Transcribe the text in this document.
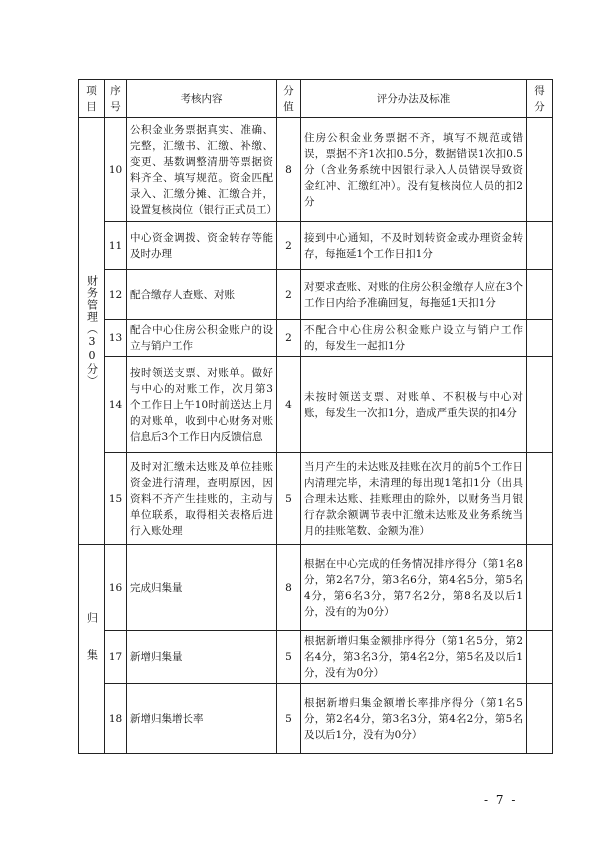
项目	序号	考核内容	分值	评分办法及标准	得分

财务管理（30分）	10	公积金业务票据真实、准确、完整，汇缴书、汇缴、补缴、变更、基数调整清册等票据资料齐全、填写规范。资金匹配录入、汇缴分摊、汇缴合并，设置复核岗位（银行正式员工）	8	住房公积金业务票据不齐，填写不规范或错误，票据不齐1次扣0.5分，数据错误1次扣0.5分（含业务系统中因银行录入人员错误导致资金红冲、汇缴红冲）。没有复核岗位人员的扣2分	
	11	中心资金调拨、资金转存等能及时办理	2	接到中心通知，不及时划转资金或办理资金转存，每拖延1个工作日扣1分	
	12	配合缴存人查账、对账	2	对要求查账、对账的住房公积金缴存人应在3个工作日内给予准确回复，每拖延1天扣1分	
	13	配合中心住房公积金账户的设立与销户工作	2	不配合中心住房公积金账户设立与销户工作的，每发生一起扣1分	
	14	按时领送支票、对账单。做好与中心的对账工作，次月第3个工作日上午10时前送达上月的对账单，收到中心财务对账信息后3个工作日内反馈信息	4	未按时领送支票、对账单、不积极与中心对账，每发生一次扣1分，造成严重失误的扣4分	
	15	及时对汇缴未达账及单位挂账资金进行清理，查明原因，因资料不齐产生挂账的，主动与单位联系，取得相关表格后进行入账处理	5	当月产生的未达账及挂账在次月的前5个工作日内清理完毕，未清理的每出现1笔扣1分（出具合理未达账、挂账理由的除外，以财务当月银行存款余额调节表中汇缴未达账及业务系统当月的挂账笔数、金额为准）	

归集	16	完成归集量	8	根据在中心完成的任务情况排序得分（第1名8分，第2名7分，第3名6分，第4名5分，第5名4分，第6名3分，第7名2分，第8名及以后1分，没有的为0分）	
	17	新增归集量	5	根据新增归集金额排序得分（第1名5分，第2名4分，第3名3分，第4名2分，第5名及以后1分，没有为0分）	
	18	新增归集增长率	5	根据新增归集金额增长率排序得分（第1名5分，第2名4分，第3名3分，第4名2分，第5名及以后1分，没有为0分）	
- 7 -
